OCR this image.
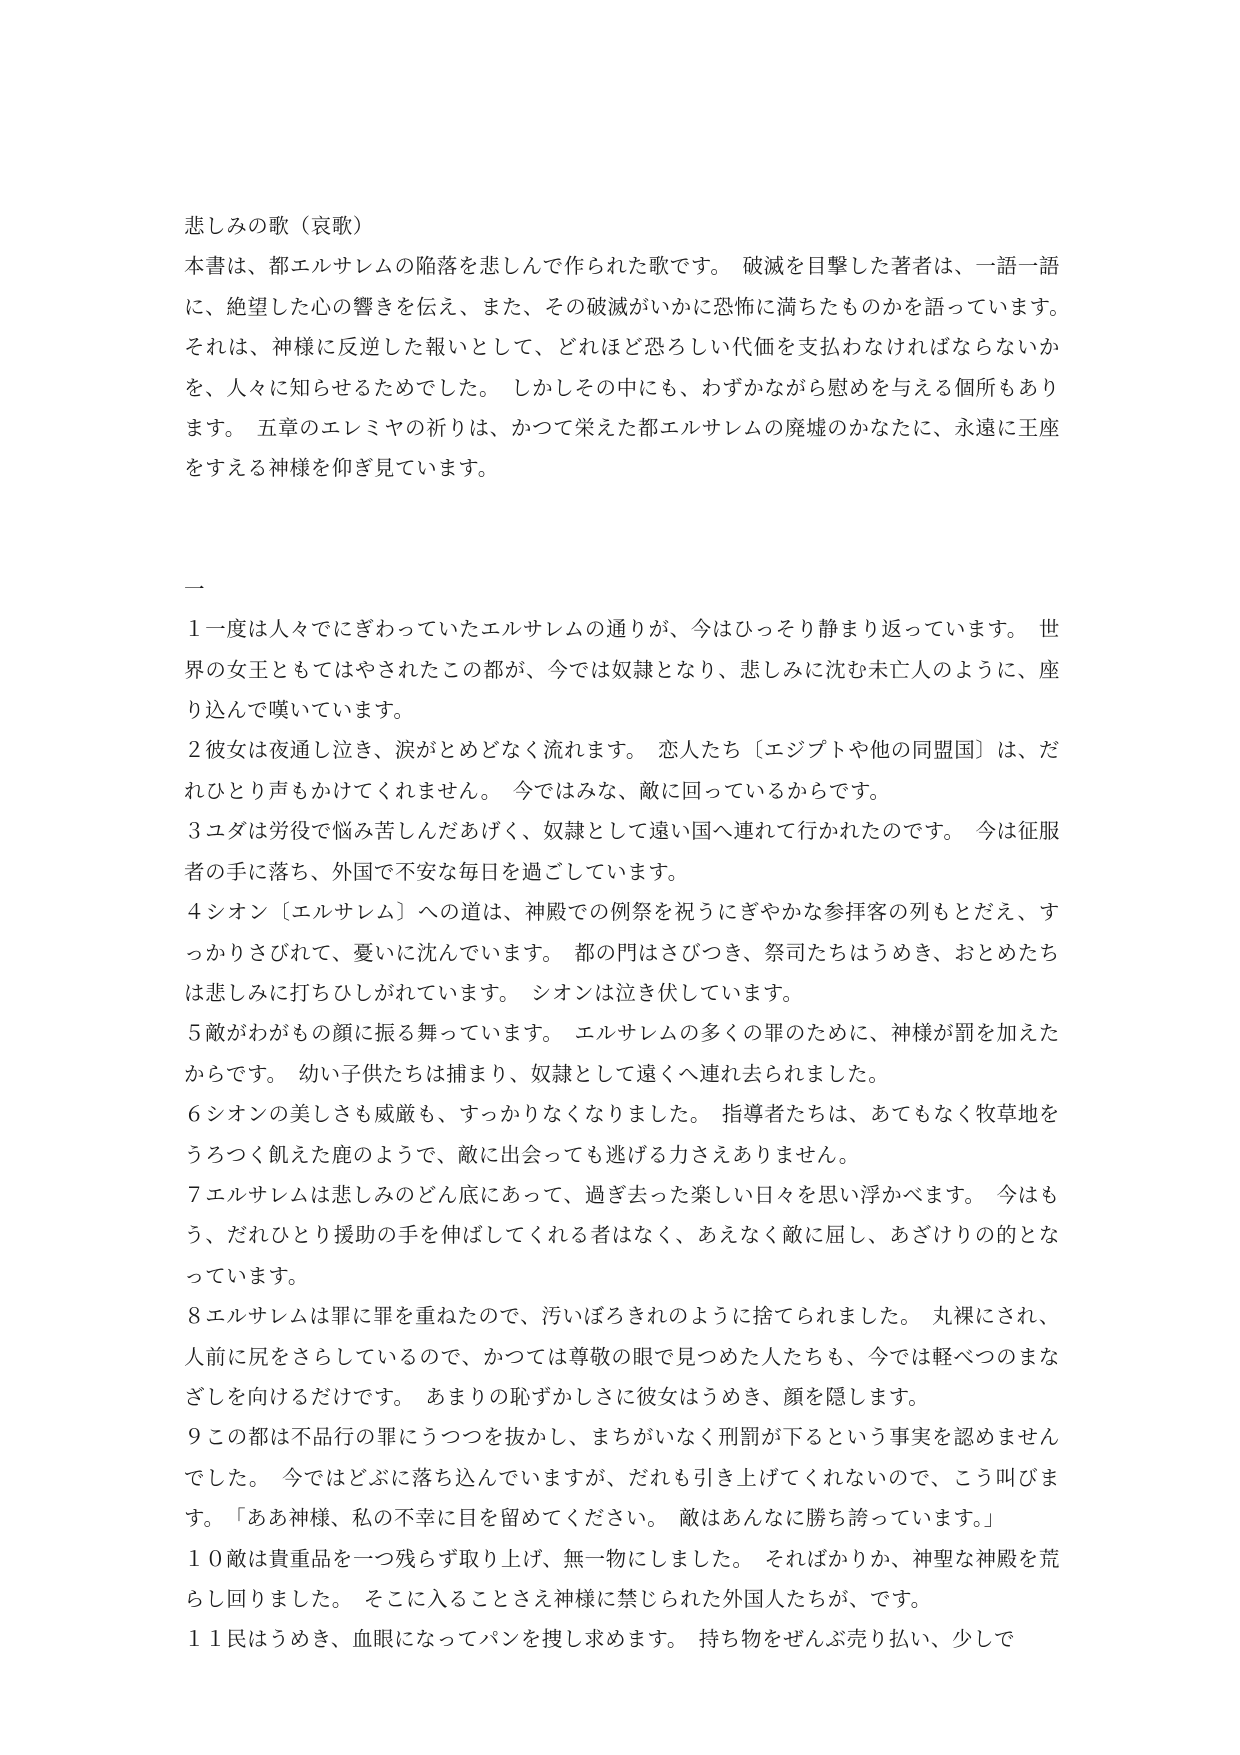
悲しみの歌（哀歌）

本書は、都エルサレムの陥落を悲しんで作られた歌です。　破滅を目撃した著者は、一語一語に、絶望した心の響きを伝え、また、その破滅がいかに恐怖に満ちたものかを語っています。　それは、神様に反逆した報いとして、どれほど恐ろしい代価を支払わなければならないかを、人々に知らせるためでした。　しかしその中にも、わずかながら慰めを与える個所もあります。　五章のエレミヤの祈りは、かつて栄えた都エルサレムの廃墟のかなたに、永遠に王座をすえる神様を仰ぎ見ています。

一

１一度は人々でにぎわっていたエルサレムの通りが、今はひっそり静まり返っています。　世界の女王ともてはやされたこの都が、今では奴隷となり、悲しみに沈む未亡人のように、座り込んで嘆いています。

２彼女は夜通し泣き、涙がとめどなく流れます。　恋人たち〔エジプトや他の同盟国〕は、だれひとり声もかけてくれません。　今ではみな、敵に回っているからです。

３ユダは労役で悩み苦しんだあげく、奴隷として遠い国へ連れて行かれたのです。　今は征服者の手に落ち、外国で不安な毎日を過ごしています。

４シオン〔エルサレム〕への道は、神殿での例祭を祝うにぎやかな参拝客の列もとだえ、すっかりさびれて、憂いに沈んでいます。　都の門はさびつき、祭司たちはうめき、おとめたちは悲しみに打ちひしがれています。　シオンは泣き伏しています。

５敵がわがもの顔に振る舞っています。　エルサレムの多くの罪のために、神様が罰を加えたからです。　幼い子供たちは捕まり、奴隷として遠くへ連れ去られました。

６シオンの美しさも威厳も、すっかりなくなりました。　指導者たちは、あてもなく牧草地をうろつく飢えた鹿のようで、敵に出会っても逃げる力さえありません。

７エルサレムは悲しみのどん底にあって、過ぎ去った楽しい日々を思い浮かべます。　今はもう、だれひとり援助の手を伸ばしてくれる者はなく、あえなく敵に屈し、あざけりの的となっています。

８エルサレムは罪に罪を重ねたので、汚いぼろきれのように捨てられました。　丸裸にされ、人前に尻をさらしているので、かつては尊敬の眼で見つめた人たちも、今では軽べつのまなざしを向けるだけです。　あまりの恥ずかしさに彼女はうめき、顔を隠します。

９この都は不品行の罪にうつつを抜かし、まちがいなく刑罰が下るという事実を認めませんでした。　今ではどぶに落ち込んでいますが、だれも引き上げてくれないので、こう叫びます。　「ああ神様、私の不幸に目を留めてください。　敵はあんなに勝ち誇っています。」

１０敵は貴重品を一つ残らず取り上げ、無一物にしました。　そればかりか、神聖な神殿を荒らし回りました。　そこに入ることさえ神様に禁じられた外国人たちが、です。

１１民はうめき、血眼になってパンを捜し求めます。　持ち物をぜんぶ売り払い、少しで
